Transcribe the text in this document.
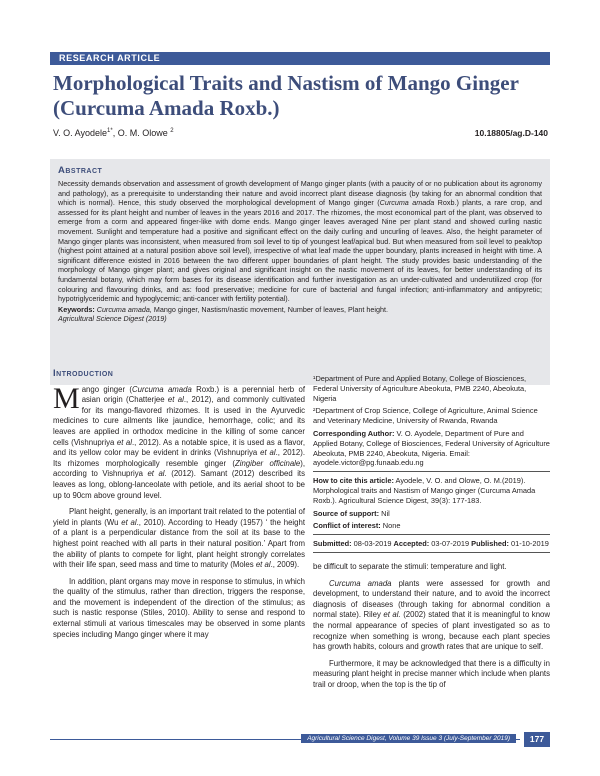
RESEARCH ARTICLE
Morphological Traits and Nastism of Mango Ginger (Curcuma Amada Roxb.)
V. O. Ayodele$^{1*}$, O. M. Olowe $^2$	10.18805/ag.D-140
Abstract

Necessity demands observation and assessment of growth development of Mango ginger plants (with a paucity of or no publication about its agronomy and pathology), as a prerequisite to understanding their nature and avoid incorrect plant disease diagnosis (by taking for an abnormal condition that which is normal). Hence, this study observed the morphological development of Mango ginger (Curcuma amada Roxb.) plants, a rare crop, and assessed for its plant height and number of leaves in the years 2016 and 2017. The rhizomes, the most economical part of the plant, was observed to emerge from a corm and appeared finger-like with dome ends. Mango ginger leaves averaged Nine per plant stand and showed curling nastic movement. Sunlight and temperature had a positive and significant effect on the daily curling and uncurling of leaves. Also, the height parameter of Mango ginger plants was inconsistent, when measured from soil level to tip of youngest leaf/apical bud. But when measured from soil level to peak/top (highest point attained at a natural position above soil level), irrespective of what leaf made the upper boundary, plants increased in height with time. A significant difference existed in 2016 between the two different upper boundaries of plant height. The study provides basic understanding of the morphology of Mango ginger plant; and gives original and significant insight on the nastic movement of its leaves, for better understanding of its fundamental botany, which may form bases for its disease identification and further investigation as an under-cultivated and underutilized crop (for colouring and flavouring drinks, and as: food preservative; medicine for cure of bacterial and fungal infection; anti-inflammatory and antipyretic; hypotriglyceridemic and hypoglycemic; anti-cancer with fertility potential).

Keywords: Curcuma amada, Mango ginger, Nastism/nastic movement, Number of leaves, Plant height.

Agricultural Science Digest (2019)

Introduction

Mango ginger (Curcuma amada Roxb.) is a perennial herb of asian origin (Chatterjee et al., 2012), and commonly cultivated for its mango-flavored rhizomes. It is used in the Ayurvedic medicines to cure ailments like jaundice, hemorrhage, colic; and its leaves are applied in orthodox medicine in the killing of some cancer cells (Vishnupriya et al., 2012). As a notable spice, it is used as a flavor, and its yellow color may be evident in drinks (Vishnupriya et al., 2012). Its rhizomes morphologically resemble ginger (Zingiber officinale), according to Vishnupriya et al. (2012). Samant (2012) described its leaves as long, oblong-lanceolate with petiole, and its aerial shoot to be up to 90cm above ground level.

Plant height, generally, is an important trait related to the potential of yield in plants (Wu et al., 2010). According to Heady (1957) ‘ the height of a plant is a perpendicular distance from the soil at its base to the highest point reached with all parts in their natural position.’ Apart from the ability of plants to compete for light, plant height strongly correlates with their life span, seed mass and time to maturity (Moles et al., 2009).

In addition, plant organs may move in response to stimulus, in which the quality of the stimulus, rather than direction, triggers the response, and the movement is independent of the direction of the stimulus; as such is nastic response (Stiles, 2010). Ability to sense and respond to external stimuli at various timescales may be observed in some plants species including Mango ginger where it may

¹Department of Pure and Applied Botany, College of Biosciences, Federal University of Agriculture Abeokuta, PMB 2240, Abeokuta, Nigeria

²Department of Crop Science, College of Agriculture, Animal Science and Veterinary Medicine, University of Rwanda, Rwanda

Corresponding Author: V. O. Ayodele, Department of Pure and Applied Botany, College of Biosciences, Federal University of Agriculture Abeokuta, PMB 2240, Abeokuta, Nigeria. Email: ayodele.victor@pg.funaab.edu.ng

How to cite this article: Ayodele, V. O. and Olowe, O. M.(2019). Morphological traits and Nastism of Mango ginger (Curcuma Amada Roxb.). Agricultural Science Digest, 39(3): 177-183.

Source of support: Nil

Conflict of interest: None

Submitted: 08-03-2019 Accepted: 03-07-2019 Published: 01-10-2019

be difficult to separate the stimuli: temperature and light.

Curcuma amada plants were assessed for growth and development, to understand their nature, and to avoid the incorrect diagnosis of diseases (through taking for abnormal condition a normal state). Riley et al. (2002) stated that it is meaningful to know the normal appearance of species of plant investigated so as to recognize when something is wrong, because each plant species has growth habits, colours and growth rates that are unique to self.

Furthermore, it may be acknowledged that there is a difficulty in measuring plant height in precise manner which include when plants trail or droop, when the top is the tip of

Agricultural Science Digest, Volume 39 Issue 3 (July-September 2019)	177
